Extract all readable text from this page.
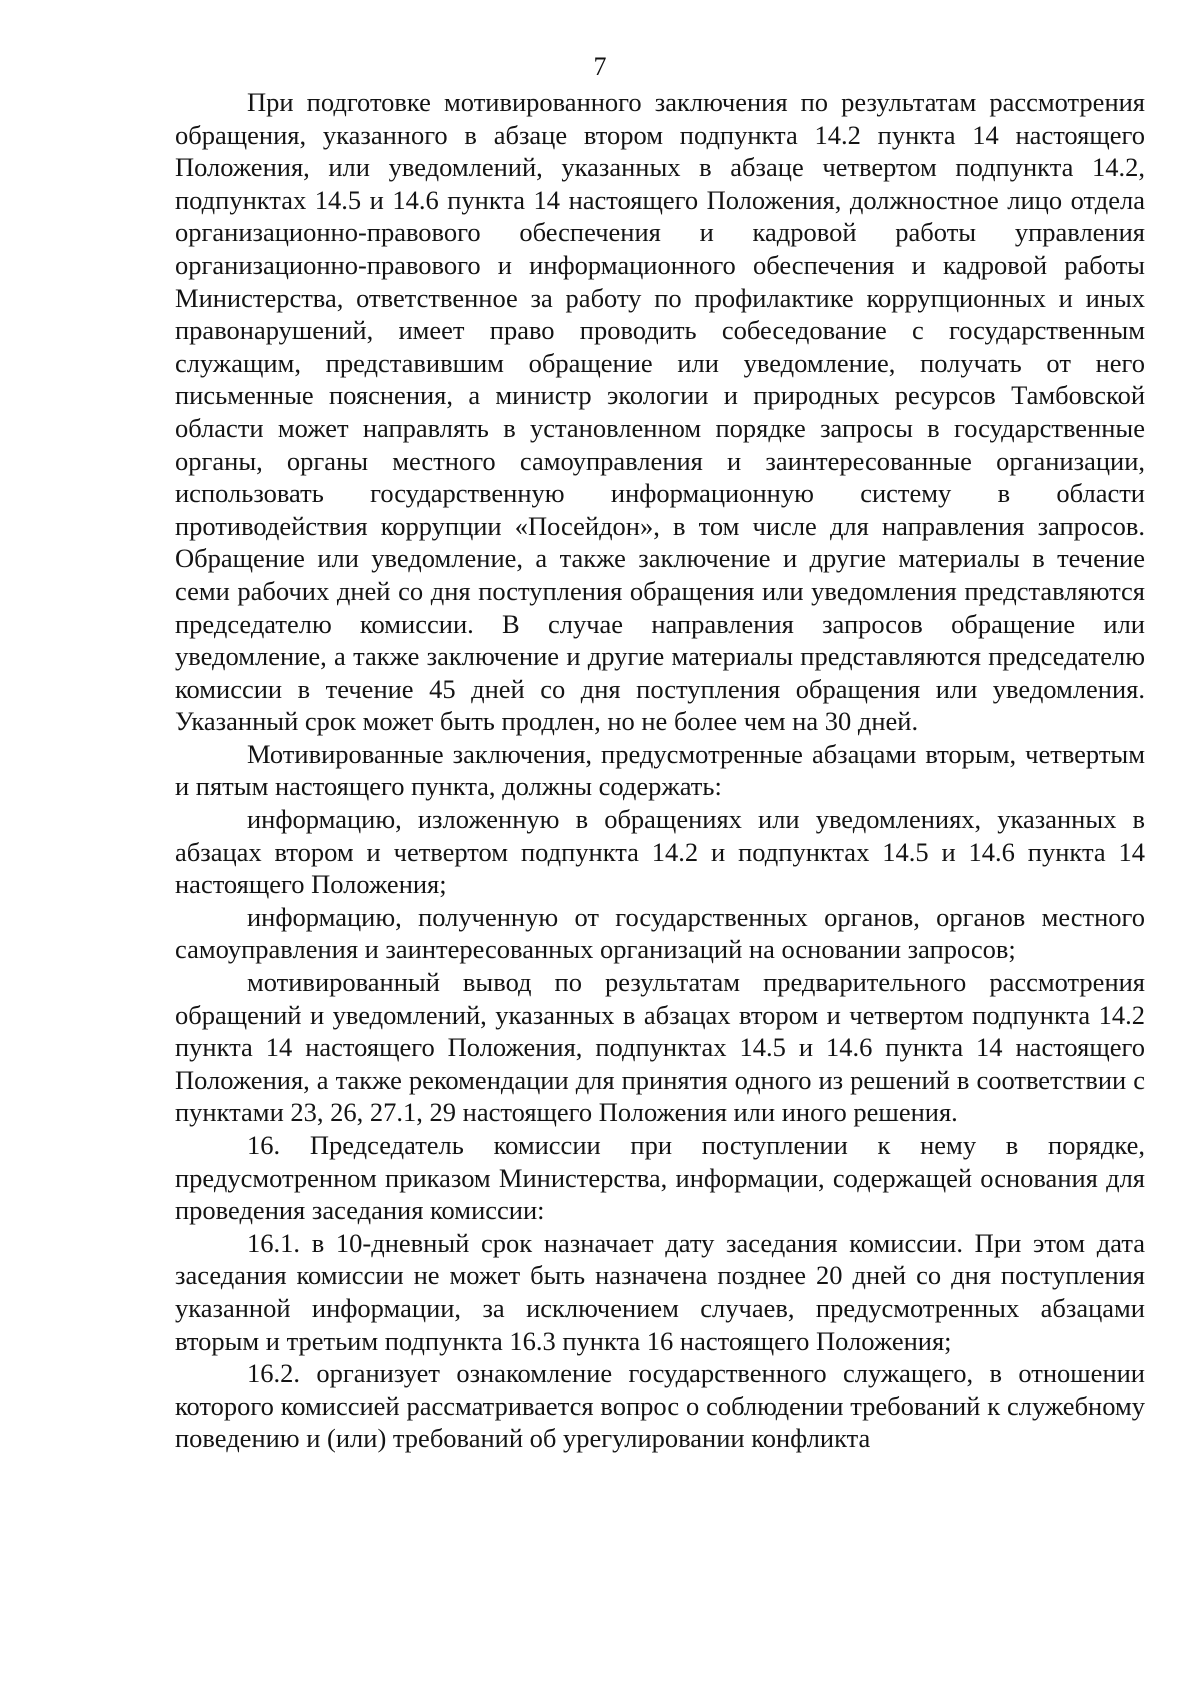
7

При подготовке мотивированного заключения по результатам рассмотрения обращения, указанного в абзаце втором подпункта 14.2 пункта 14 настоящего Положения, или уведомлений, указанных в абзаце четвертом подпункта 14.2, подпунктах 14.5 и 14.6 пункта 14 настоящего Положения, должностное лицо отдела организационно-правового обеспечения и кадровой работы управления организационно-правового и информационного обеспечения и кадровой работы Министерства, ответственное за работу по профилактике коррупционных и иных правонарушений, имеет право проводить собеседование с государственным служащим, представившим обращение или уведомление, получать от него письменные пояснения, а министр экологии и природных ресурсов Тамбовской области может направлять в установленном порядке запросы в государственные органы, органы местного самоуправления и заинтересованные организации, использовать государственную информационную систему в области противодействия коррупции «Посейдон», в том числе для направления запросов. Обращение или уведомление, а также заключение и другие материалы в течение семи рабочих дней со дня поступления обращения или уведомления представляются председателю комиссии. В случае направления запросов обращение или уведомление, а также заключение и другие материалы представляются председателю комиссии в течение 45 дней со дня поступления обращения или уведомления. Указанный срок может быть продлен, но не более чем на 30 дней.

Мотивированные заключения, предусмотренные абзацами вторым, четвертым и пятым настоящего пункта, должны содержать:

информацию, изложенную в обращениях или уведомлениях, указанных в абзацах втором и четвертом подпункта 14.2 и подпунктах 14.5 и 14.6 пункта 14 настоящего Положения;

информацию, полученную от государственных органов, органов местного самоуправления и заинтересованных организаций на основании запросов;

мотивированный вывод по результатам предварительного рассмотрения обращений и уведомлений, указанных в абзацах втором и четвертом подпункта 14.2 пункта 14 настоящего Положения, подпунктах 14.5 и 14.6 пункта 14 настоящего Положения, а также рекомендации для принятия одного из решений в соответствии с пунктами 23, 26, 27.1, 29 настоящего Положения или иного решения.

16. Председатель комиссии при поступлении к нему в порядке, предусмотренном приказом Министерства, информации, содержащей основания для проведения заседания комиссии:

16.1. в 10-дневный срок назначает дату заседания комиссии. При этом дата заседания комиссии не может быть назначена позднее 20 дней со дня поступления указанной информации, за исключением случаев, предусмотренных абзацами вторым и третьим подпункта 16.3 пункта 16 настоящего Положения;

16.2. организует ознакомление государственного служащего, в отношении которого комиссией рассматривается вопрос о соблюдении требований к служебному поведению и (или) требований об урегулировании конфликта
